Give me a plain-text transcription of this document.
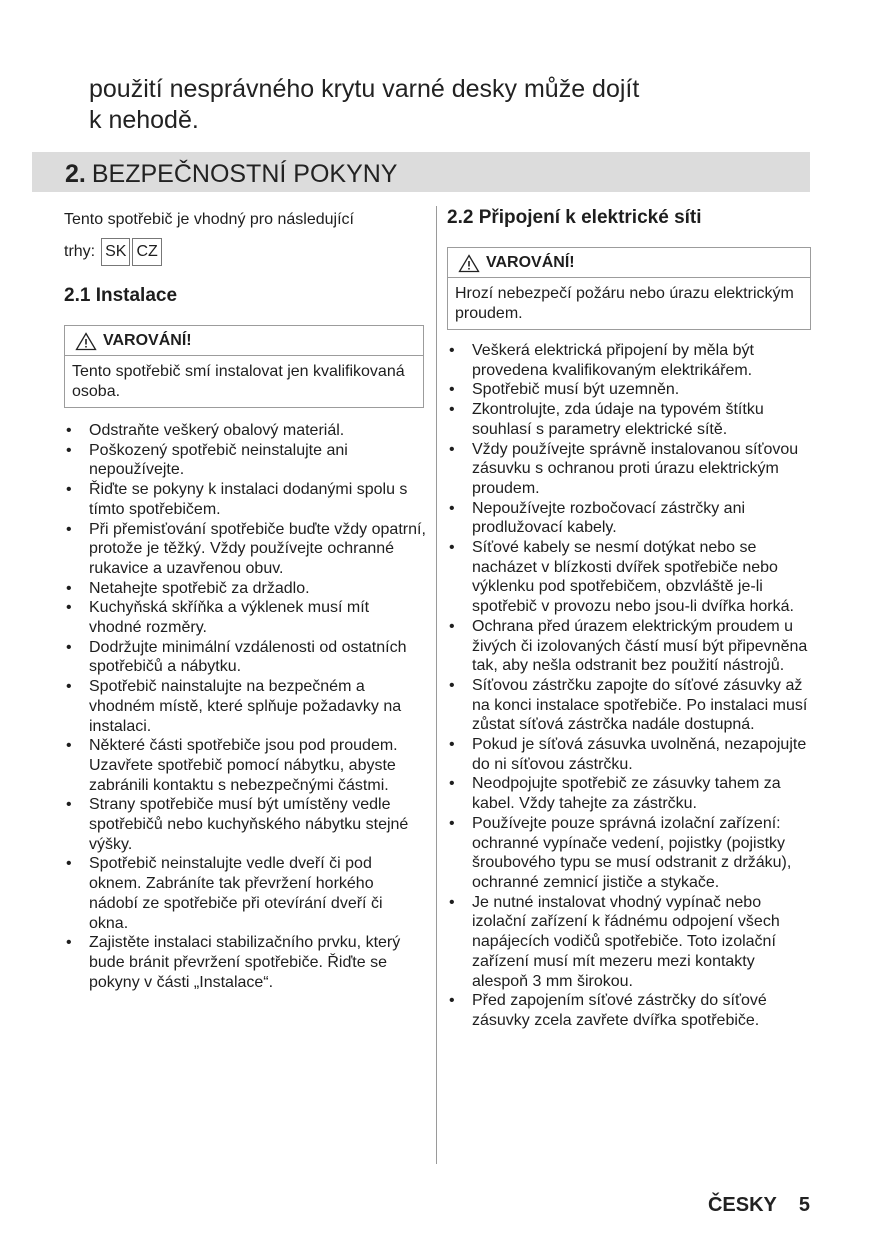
použití nesprávného krytu varné desky může dojít
k nehodě.
2. BEZPEČNOSTNÍ POKYNY

Tento spotřebič je vhodný pro následující

trhy: SK CZ
2.1 Instalace
VAROVÁNÍ!
Tento spotřebič smí instalovat jen kvalifikovaná osoba.
• Odstraňte veškerý obalový materiál.
• Poškozený spotřebič neinstalujte ani nepoužívejte.
• Řiďte se pokyny k instalaci dodanými spolu s tímto spotřebičem.
• Při přemisťování spotřebiče buďte vždy opatrní, protože je těžký. Vždy používejte ochranné rukavice a uzavřenou obuv.
• Netahejte spotřebič za držadlo.
• Kuchyňská skříňka a výklenek musí mít vhodné rozměry.
• Dodržujte minimální vzdálenosti od ostatních spotřebičů a nábytku.
• Spotřebič nainstalujte na bezpečném a vhodném místě, které splňuje požadavky na instalaci.
• Některé části spotřebiče jsou pod proudem. Uzavřete spotřebič pomocí nábytku, abyste zabránili kontaktu s nebezpečnými částmi.
• Strany spotřebiče musí být umístěny vedle spotřebičů nebo kuchyňského nábytku stejné výšky.
• Spotřebič neinstalujte vedle dveří či pod oknem. Zabráníte tak převržení horkého nádobí ze spotřebiče při otevírání dveří či okna.
• Zajistěte instalaci stabilizačního prvku, který bude bránit převržení spotřebiče. Řiďte se pokyny v části „Instalace“.
2.2 Připojení k elektrické síti
VAROVÁNÍ!
Hrozí nebezpečí požáru nebo úrazu elektrickým proudem.
• Veškerá elektrická připojení by měla být provedena kvalifikovaným elektrikářem.
• Spotřebič musí být uzemněn.
• Zkontrolujte, zda údaje na typovém štítku souhlasí s parametry elektrické sítě.
• Vždy používejte správně instalovanou síťovou zásuvku s ochranou proti úrazu elektrickým proudem.
• Nepoužívejte rozbočovací zástrčky ani prodlužovací kabely.
• Síťové kabely se nesmí dotýkat nebo se nacházet v blízkosti dvířek spotřebiče nebo výklenku pod spotřebičem, obzvláště je-li spotřebič v provozu nebo jsou-li dvířka horká.
• Ochrana před úrazem elektrickým proudem u živých či izolovaných částí musí být připevněna tak, aby nešla odstranit bez použití nástrojů.
• Síťovou zástrčku zapojte do síťové zásuvky až na konci instalace spotřebiče. Po instalaci musí zůstat síťová zástrčka nadále dostupná.
• Pokud je síťová zásuvka uvolněná, nezapojujte do ni síťovou zástrčku.
• Neodpojujte spotřebič ze zásuvky tahem za kabel. Vždy tahejte za zástrčku.
• Používejte pouze správná izolační zařízení: ochranné vypínače vedení, pojistky (pojistky šroubového typu se musí odstranit z držáku), ochranné zemnicí jističe a stykače.
• Je nutné instalovat vhodný vypínač nebo izolační zařízení k řádnému odpojení všech napájecích vodičů spotřebiče. Toto izolační zařízení musí mít mezeru mezi kontakty alespoň 3 mm širokou.
• Před zapojením síťové zástrčky do síťové zásuvky zcela zavřete dvířka spotřebiče.
ČESKY 5
